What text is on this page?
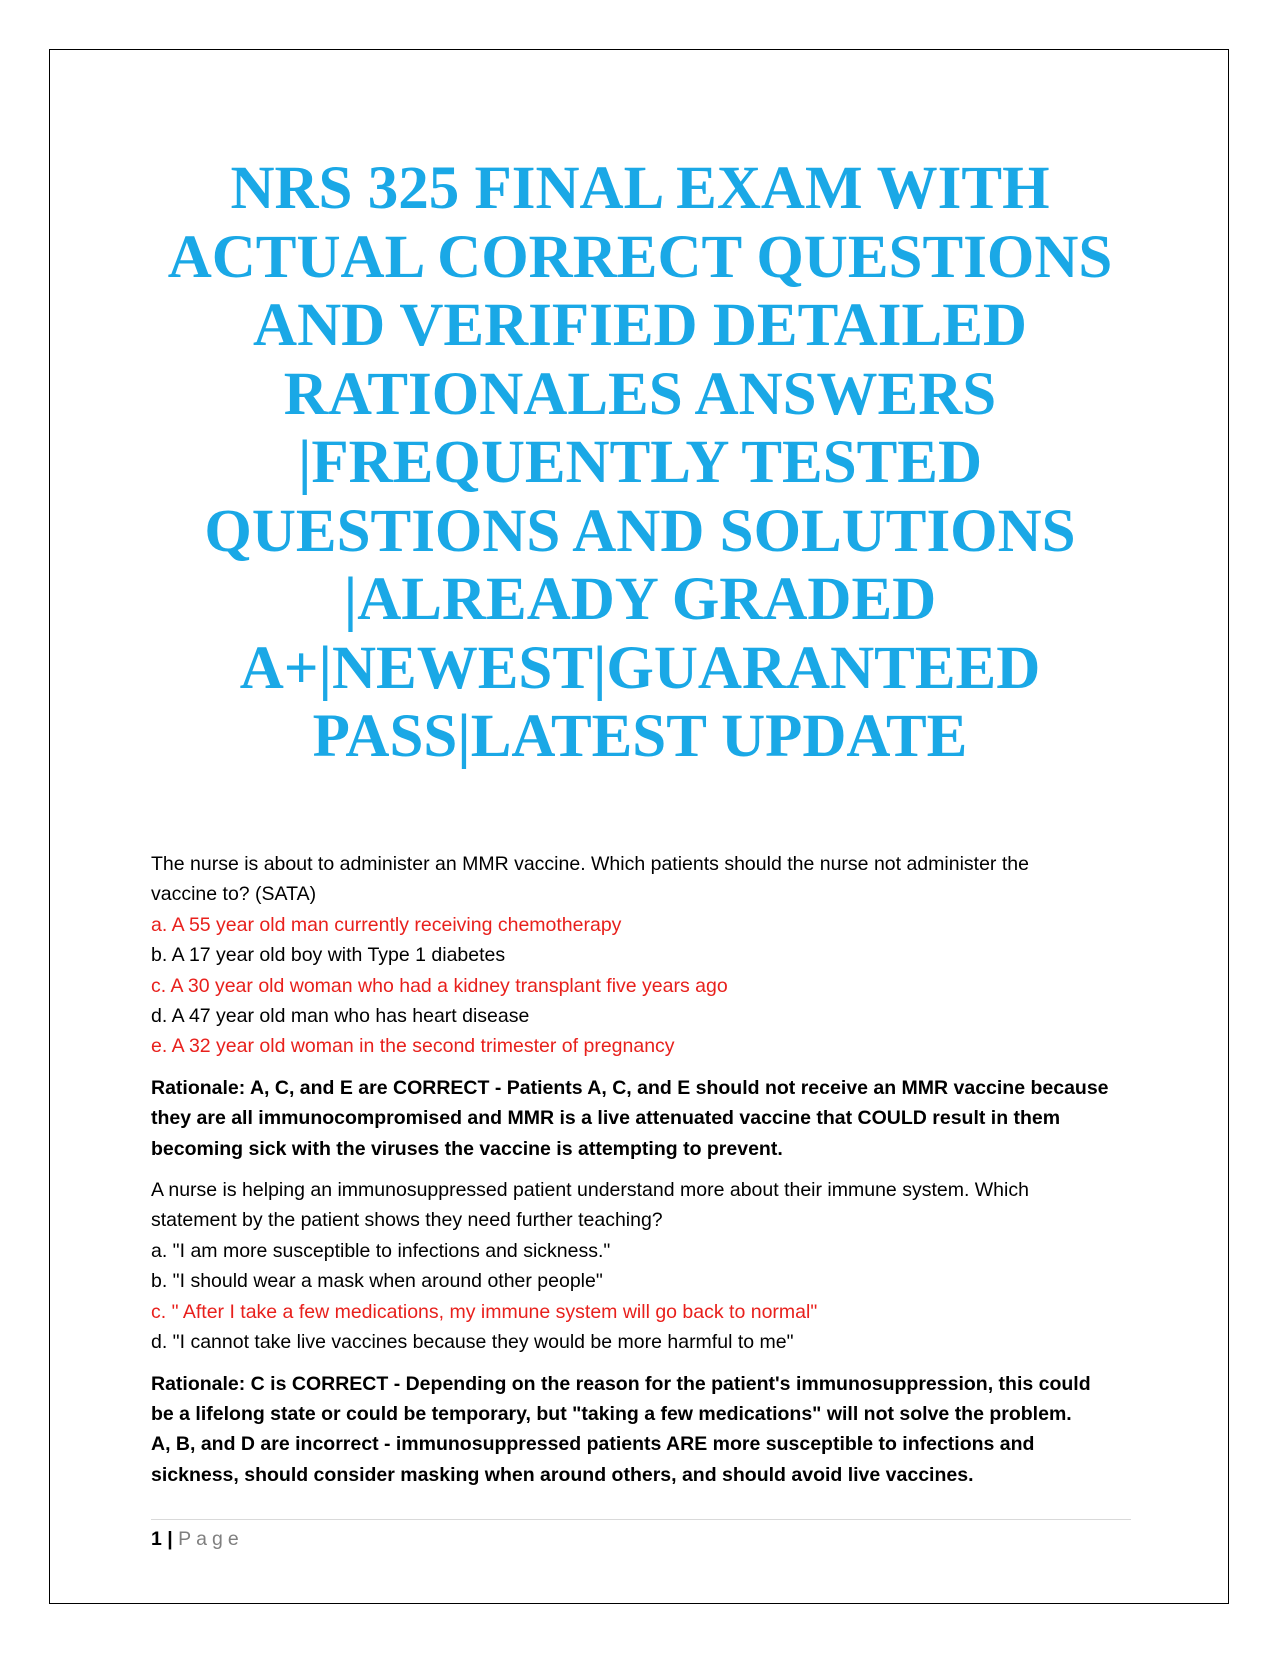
NRS 325 FINAL EXAM WITH
ACTUAL CORRECT QUESTIONS
AND VERIFIED DETAILED
RATIONALES ANSWERS
|FREQUENTLY TESTED
QUESTIONS AND SOLUTIONS
|ALREADY GRADED
A+|NEWEST|GUARANTEED
PASS|LATEST UPDATE
The nurse is about to administer an MMR vaccine. Which patients should the nurse not administer the
vaccine to? (SATA)
a. A 55 year old man currently receiving chemotherapy
b. A 17 year old boy with Type 1 diabetes
c. A 30 year old woman who had a kidney transplant five years ago
d. A 47 year old man who has heart disease
e. A 32 year old woman in the second trimester of pregnancy
Rationale: A, C, and E are CORRECT - Patients A, C, and E should not receive an MMR vaccine because
they are all immunocompromised and MMR is a live attenuated vaccine that COULD result in them
becoming sick with the viruses the vaccine is attempting to prevent.
A nurse is helping an immunosuppressed patient understand more about their immune system. Which
statement by the patient shows they need further teaching?
a. "I am more susceptible to infections and sickness."
b. "I should wear a mask when around other people"
c. " After I take a few medications, my immune system will go back to normal"
d. "I cannot take live vaccines because they would be more harmful to me"
Rationale: C is CORRECT - Depending on the reason for the patient's immunosuppression, this could
be a lifelong state or could be temporary, but "taking a few medications" will not solve the problem.
A, B, and D are incorrect - immunosuppressed patients ARE more susceptible to infections and
sickness, should consider masking when around others, and should avoid live vaccines.
1 | Page
